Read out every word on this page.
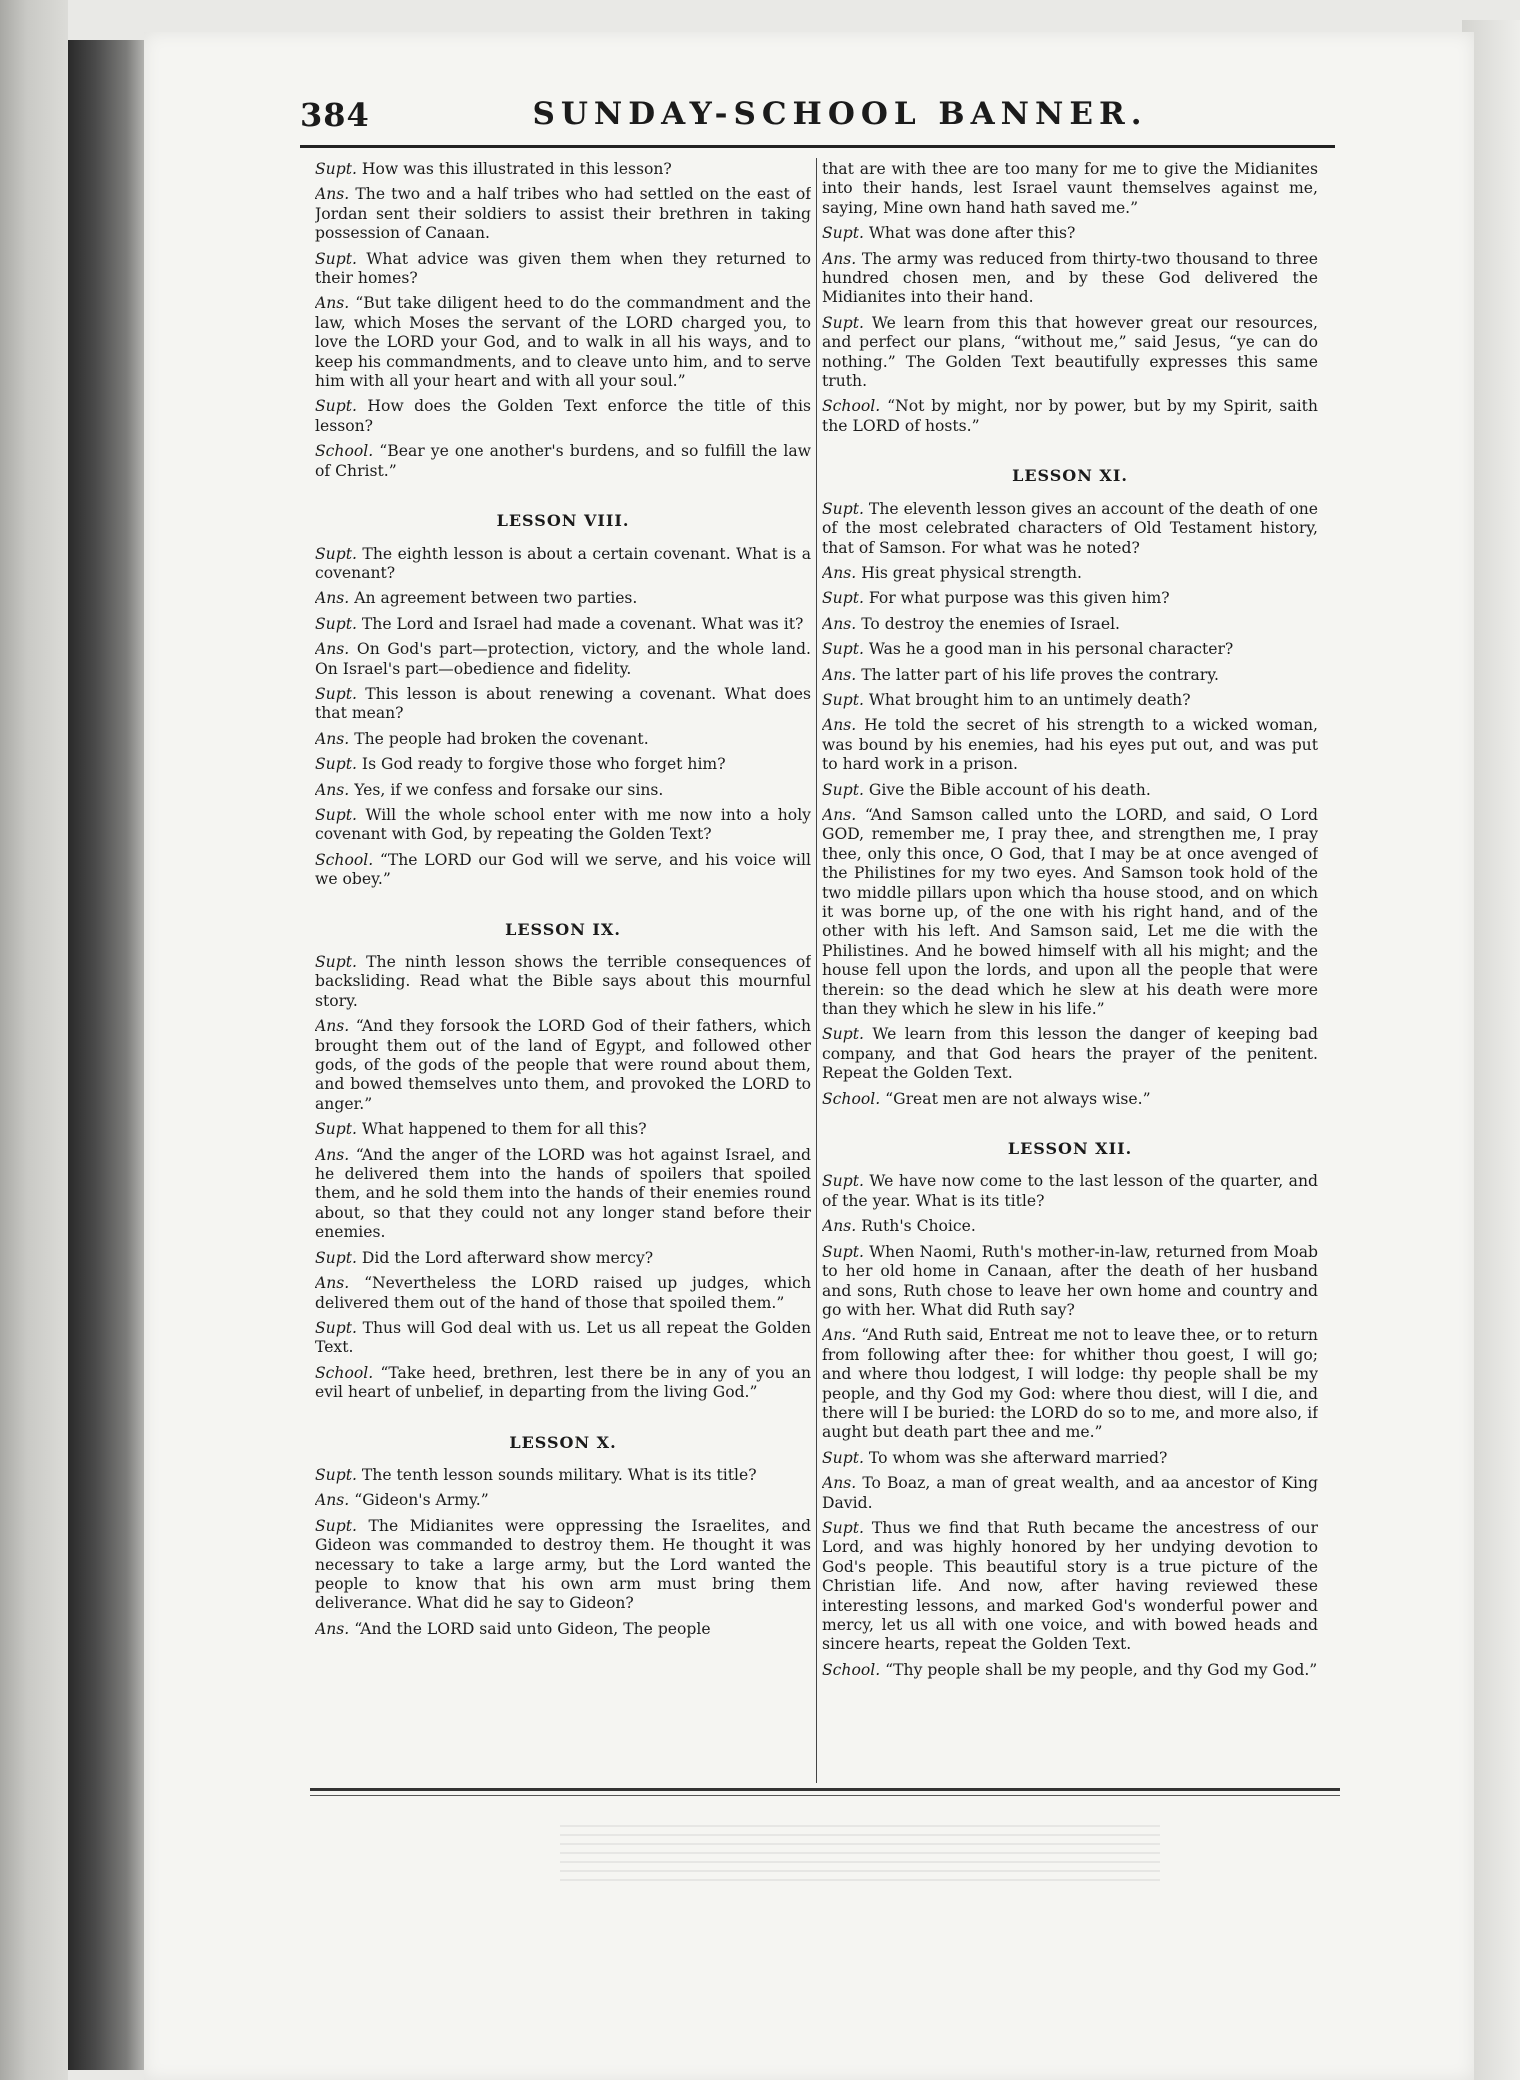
384	SUNDAY-SCHOOL BANNER.

Supt. How was this illustrated in this lesson?

Ans. The two and a half tribes who had settled on the east of Jordan sent their soldiers to assist their brethren in taking possession of Canaan.

Supt. What advice was given them when they returned to their homes?

Ans. “But take diligent heed to do the commandment and the law, which Moses the servant of the LORD charged you, to love the LORD your God, and to walk in all his ways, and to keep his commandments, and to cleave unto him, and to serve him with all your heart and with all your soul.”

Supt. How does the Golden Text enforce the title of this lesson?

School. “Bear ye one another's burdens, and so fulfill the law of Christ.”

LESSON VIII.

Supt. The eighth lesson is about a certain covenant. What is a covenant?

Ans. An agreement between two parties.

Supt. The Lord and Israel had made a covenant. What was it?

Ans. On God's part—protection, victory, and the whole land. On Israel's part—obedience and fidelity.

Supt. This lesson is about renewing a covenant. What does that mean?

Ans. The people had broken the covenant.

Supt. Is God ready to forgive those who forget him?

Ans. Yes, if we confess and forsake our sins.

Supt. Will the whole school enter with me now into a holy covenant with God, by repeating the Golden Text?

School. “The LORD our God will we serve, and his voice will we obey.”

LESSON IX.

Supt. The ninth lesson shows the terrible consequences of backsliding. Read what the Bible says about this mournful story.

Ans. “And they forsook the LORD God of their fathers, which brought them out of the land of Egypt, and followed other gods, of the gods of the people that were round about them, and bowed themselves unto them, and provoked the LORD to anger.”

Supt. What happened to them for all this?

Ans. “And the anger of the LORD was hot against Israel, and he delivered them into the hands of spoilers that spoiled them, and he sold them into the hands of their enemies round about, so that they could not any longer stand before their enemies.

Supt. Did the Lord afterward show mercy?

Ans. “Nevertheless the LORD raised up judges, which delivered them out of the hand of those that spoiled them.”

Supt. Thus will God deal with us. Let us all repeat the Golden Text.

School. “Take heed, brethren, lest there be in any of you an evil heart of unbelief, in departing from the living God.”

LESSON X.

Supt. The tenth lesson sounds military. What is its title?

Ans. “Gideon's Army.”

Supt. The Midianites were oppressing the Israelites, and Gideon was commanded to destroy them. He thought it was necessary to take a large army, but the Lord wanted the people to know that his own arm must bring them deliverance. What did he say to Gideon?

Ans. “And the LORD said unto Gideon, The people

that are with thee are too many for me to give the Midianites into their hands, lest Israel vaunt themselves against me, saying, Mine own hand hath saved me.”

Supt. What was done after this?

Ans. The army was reduced from thirty-two thousand to three hundred chosen men, and by these God delivered the Midianites into their hand.

Supt. We learn from this that however great our resources, and perfect our plans, “without me,” said Jesus, “ye can do nothing.” The Golden Text beautifully expresses this same truth.

School. “Not by might, nor by power, but by my Spirit, saith the LORD of hosts.”

LESSON XI.

Supt. The eleventh lesson gives an account of the death of one of the most celebrated characters of Old Testament history, that of Samson. For what was he noted?

Ans. His great physical strength.

Supt. For what purpose was this given him?

Ans. To destroy the enemies of Israel.

Supt. Was he a good man in his personal character?

Ans. The latter part of his life proves the contrary.

Supt. What brought him to an untimely death?

Ans. He told the secret of his strength to a wicked woman, was bound by his enemies, had his eyes put out, and was put to hard work in a prison.

Supt. Give the Bible account of his death.

Ans. “And Samson called unto the LORD, and said, O Lord GOD, remember me, I pray thee, and strengthen me, I pray thee, only this once, O God, that I may be at once avenged of the Philistines for my two eyes. And Samson took hold of the two middle pillars upon which tha house stood, and on which it was borne up, of the one with his right hand, and of the other with his left. And Samson said, Let me die with the Philistines. And he bowed himself with all his might; and the house fell upon the lords, and upon all the people that were therein: so the dead which he slew at his death were more than they which he slew in his life.”

Supt. We learn from this lesson the danger of keeping bad company, and that God hears the prayer of the penitent. Repeat the Golden Text.

School. “Great men are not always wise.”

LESSON XII.

Supt. We have now come to the last lesson of the quarter, and of the year. What is its title?

Ans. Ruth's Choice.

Supt. When Naomi, Ruth's mother-in-law, returned from Moab to her old home in Canaan, after the death of her husband and sons, Ruth chose to leave her own home and country and go with her. What did Ruth say?

Ans. “And Ruth said, Entreat me not to leave thee, or to return from following after thee: for whither thou goest, I will go; and where thou lodgest, I will lodge: thy people shall be my people, and thy God my God: where thou diest, will I die, and there will I be buried: the LORD do so to me, and more also, if aught but death part thee and me.”

Supt. To whom was she afterward married?

Ans. To Boaz, a man of great wealth, and aa ancestor of King David.

Supt. Thus we find that Ruth became the ancestress of our Lord, and was highly honored by her undying devotion to God's people. This beautiful story is a true picture of the Christian life. And now, after having reviewed these interesting lessons, and marked God's wonderful power and mercy, let us all with one voice, and with bowed heads and sincere hearts, repeat the Golden Text.

School. “Thy people shall be my people, and thy God my God.”
